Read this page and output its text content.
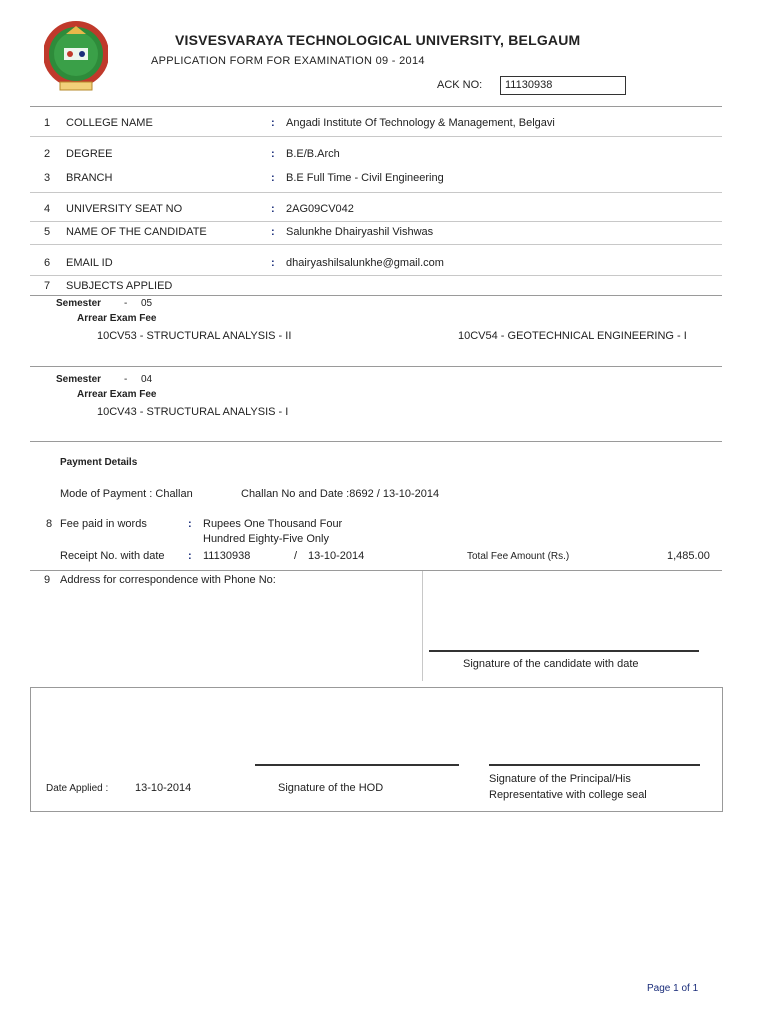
VISVESVARAYA TECHNOLOGICAL UNIVERSITY, BELGAUM
APPLICATION FORM FOR EXAMINATION 09 - 2014
ACK NO: 11130938
1 COLLEGE NAME	: Angadi Institute Of Technology & Management, Belgavi
2 DEGREE	: B.E/B.Arch
3 BRANCH	: B.E Full Time - Civil Engineering
4 UNIVERSITY SEAT NO	: 2AG09CV042
5 NAME OF THE CANDIDATE	: Salunkhe Dhairyashil Vishwas
6 EMAIL ID	: dhairyashilsalunkhe@gmail.com
7 SUBJECTS APPLIED
Semester - 05
Arrear Exam Fee
10CV53 - STRUCTURAL ANALYSIS - II	10CV54 - GEOTECHNICAL ENGINEERING - I
Semester - 04
Arrear Exam Fee
10CV43 - STRUCTURAL ANALYSIS - I
Payment Details
Mode of Payment : Challan	Challan No and Date :8692 / 13-10-2014
8 Fee paid in words	: Rupees One Thousand Four
Hundred Eighty-Five Only
Receipt No. with date : 11130938	/ 13-10-2014	Total Fee Amount (Rs.)	1,485.00
9 Address for correspondence with Phone No:
Signature of the candidate with date
Date Applied : 13-10-2014	Signature of the HOD
Signature of the Principal/His
Representative with college seal
Page 1 of 1
